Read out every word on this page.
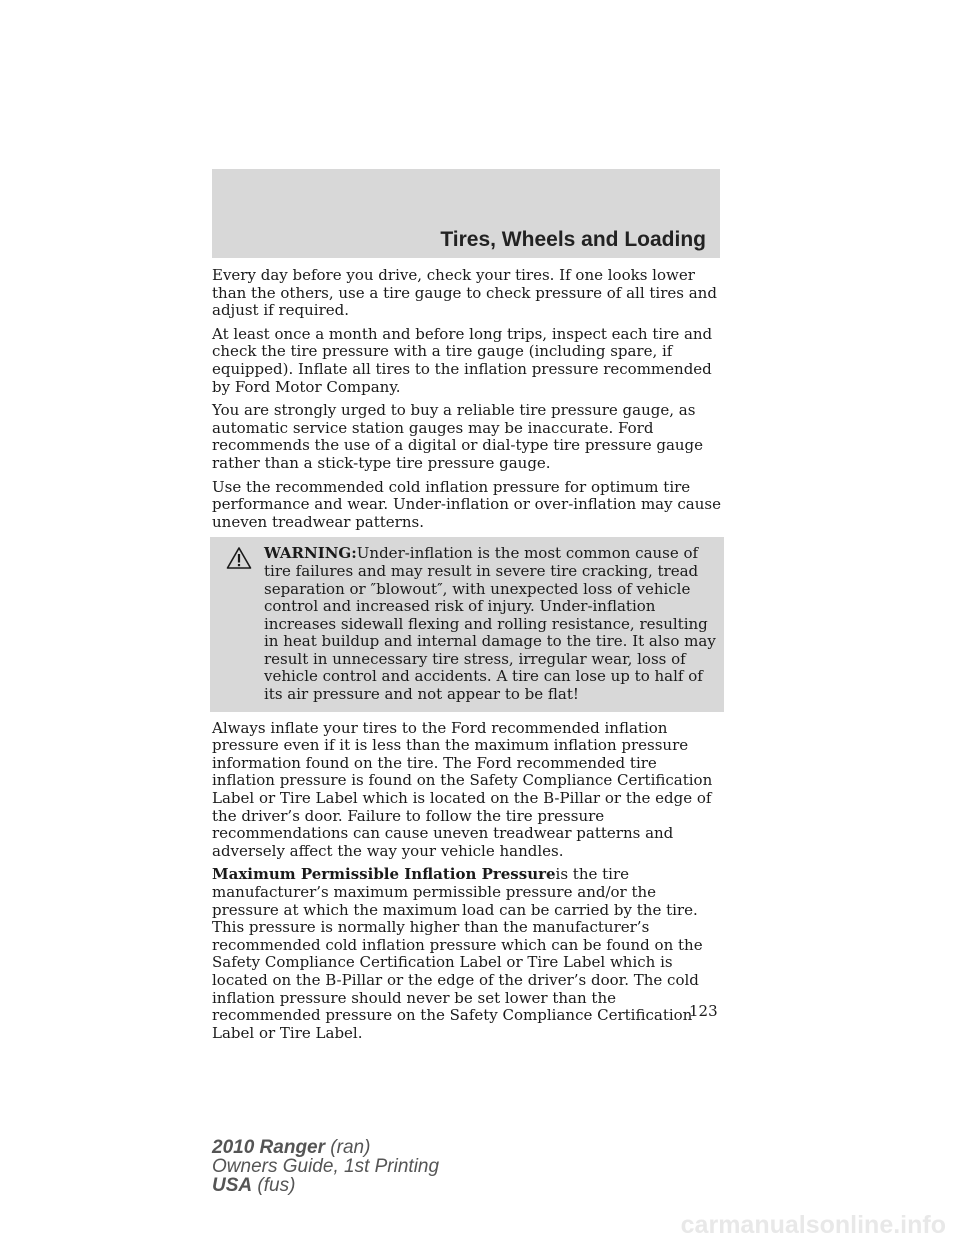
Tires, Wheels and Loading

Every day before you drive, check your tires. If one looks lower than the others, use a tire gauge to check pressure of all tires and adjust if required.

At least once a month and before long trips, inspect each tire and check the tire pressure with a tire gauge (including spare, if equipped). Inflate all tires to the inflation pressure recommended by Ford Motor Company.

You are strongly urged to buy a reliable tire pressure gauge, as automatic service station gauges may be inaccurate. Ford recommends the use of a digital or dial-type tire pressure gauge rather than a stick-type tire pressure gauge.

Use the recommended cold inflation pressure for optimum tire performance and wear. Under-inflation or over-inflation may cause uneven treadwear patterns.

WARNING:Under-inflation is the most common cause of tire failures and may result in severe tire cracking, tread separation or ″blowout″, with unexpected loss of vehicle control and increased risk of injury. Under-inflation increases sidewall flexing and rolling resistance, resulting in heat buildup and internal damage to the tire. It also may result in unnecessary tire stress, irregular wear, loss of vehicle control and accidents. A tire can lose up to half of its air pressure and not appear to be flat!

Always inflate your tires to the Ford recommended inflation pressure even if it is less than the maximum inflation pressure information found on the tire. The Ford recommended tire inflation pressure is found on the Safety Compliance Certification Label or Tire Label which is located on the B-Pillar or the edge of the driver’s door. Failure to follow the tire pressure recommendations can cause uneven treadwear patterns and adversely affect the way your vehicle handles.

Maximum Permissible Inflation Pressureis the tire manufacturer’s maximum permissible pressure and/or the pressure at which the maximum load can be carried by the tire. This pressure is normally higher than the manufacturer’s recommended cold inflation pressure which can be found on the Safety Compliance Certification Label or Tire Label which is located on the B-Pillar or the edge of the driver’s door. The cold inflation pressure should never be set lower than the recommended pressure on the Safety Compliance Certification Label or Tire Label.

123
2010 Ranger (ran)
Owners Guide, 1st Printing
USA (fus)
carmanualsonline.info
